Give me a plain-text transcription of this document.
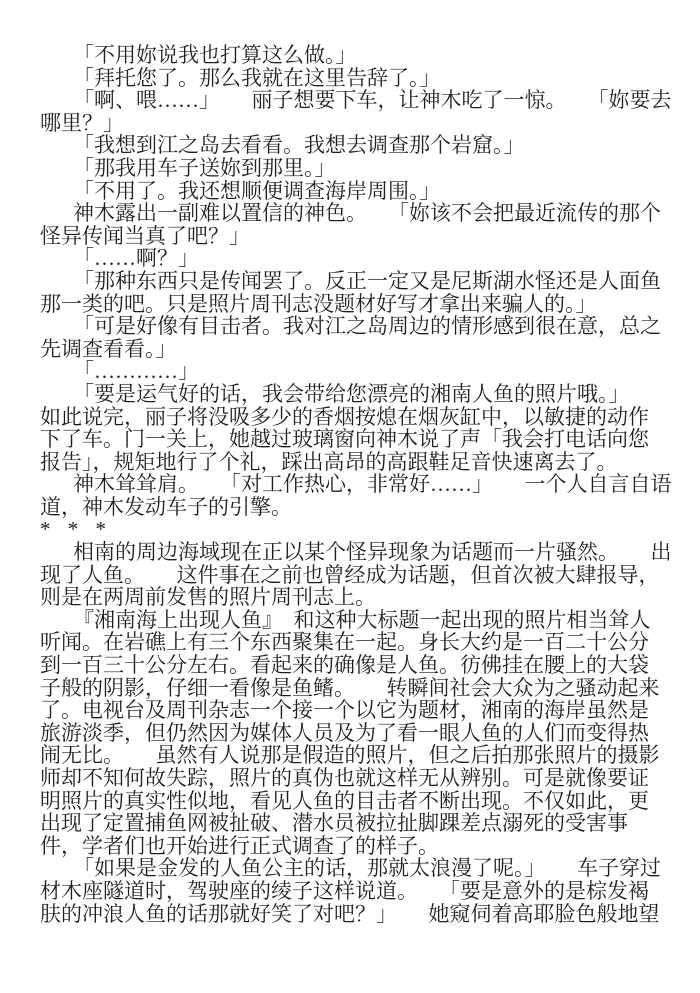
「不用妳说我也打算这么做。」
「拜托您了。那么我就在这里告辞了。」
「啊、喂……」　　丽子想要下车，让神木吃了一惊。　　「妳要去
哪里？」
「我想到江之岛去看看。我想去调查那个岩窟。」
「那我用车子送妳到那里。」
「不用了。我还想顺便调查海岸周围。」
神木露出一副难以置信的神色。　　「妳该不会把最近流传的那个
怪异传闻当真了吧？」
「……啊？」
「那种东西只是传闻罢了。反正一定又是尼斯湖水怪还是人面鱼
那一类的吧。只是照片周刊志没题材好写才拿出来骗人的。」
「可是好像有目击者。我对江之岛周边的情形感到很在意，总之
先调查看看。」
「…………」
「要是运气好的话，我会带给您漂亮的湘南人鱼的照片哦。」
如此说完，丽子将没吸多少的香烟按熄在烟灰缸中，以敏捷的动作
下了车。门一关上，她越过玻璃窗向神木说了声「我会打电话向您
报告」，规矩地行了个礼，踩出高昂的高跟鞋足音快速离去了。
神木耸耸肩。　　「对工作热心，非常好……」　　一个人自言自语
道，神木发动车子的引擎。
* * *
相南的周边海域现在正以某个怪异现象为话题而一片骚然。　　出
现了人鱼。　　这件事在之前也曾经成为话题，但首次被大肆报导，
则是在两周前发售的照片周刊志上。
『湘南海上出现人鱼』　和这种大标题一起出现的照片相当耸人
听闻。在岩礁上有三个东西聚集在一起。身长大约是一百二十公分
到一百三十公分左右。看起来的确像是人鱼。彷佛挂在腰上的大袋
子般的阴影，仔细一看像是鱼鳍。　　转瞬间社会大众为之骚动起来
了。电视台及周刊杂志一个接一个以它为题材，湘南的海岸虽然是
旅游淡季，但仍然因为媒体人员及为了看一眼人鱼的人们而变得热
闹无比。　　虽然有人说那是假造的照片，但之后拍那张照片的摄影
师却不知何故失踪，照片的真伪也就这样无从辨别。可是就像要证
明照片的真实性似地，看见人鱼的目击者不断出现。不仅如此，更
出现了定置捕鱼网被扯破、潜水员被拉扯脚踝差点溺死的受害事
件，学者们也开始进行正式调查了的样子。
「如果是金发的人鱼公主的话，那就太浪漫了呢。」　　车子穿过
材木座隧道时，驾驶座的绫子这样说道。　　「要是意外的是棕发褐
肤的冲浪人鱼的话那就好笑了对吧？」　　她窥伺着高耶脸色般地望
